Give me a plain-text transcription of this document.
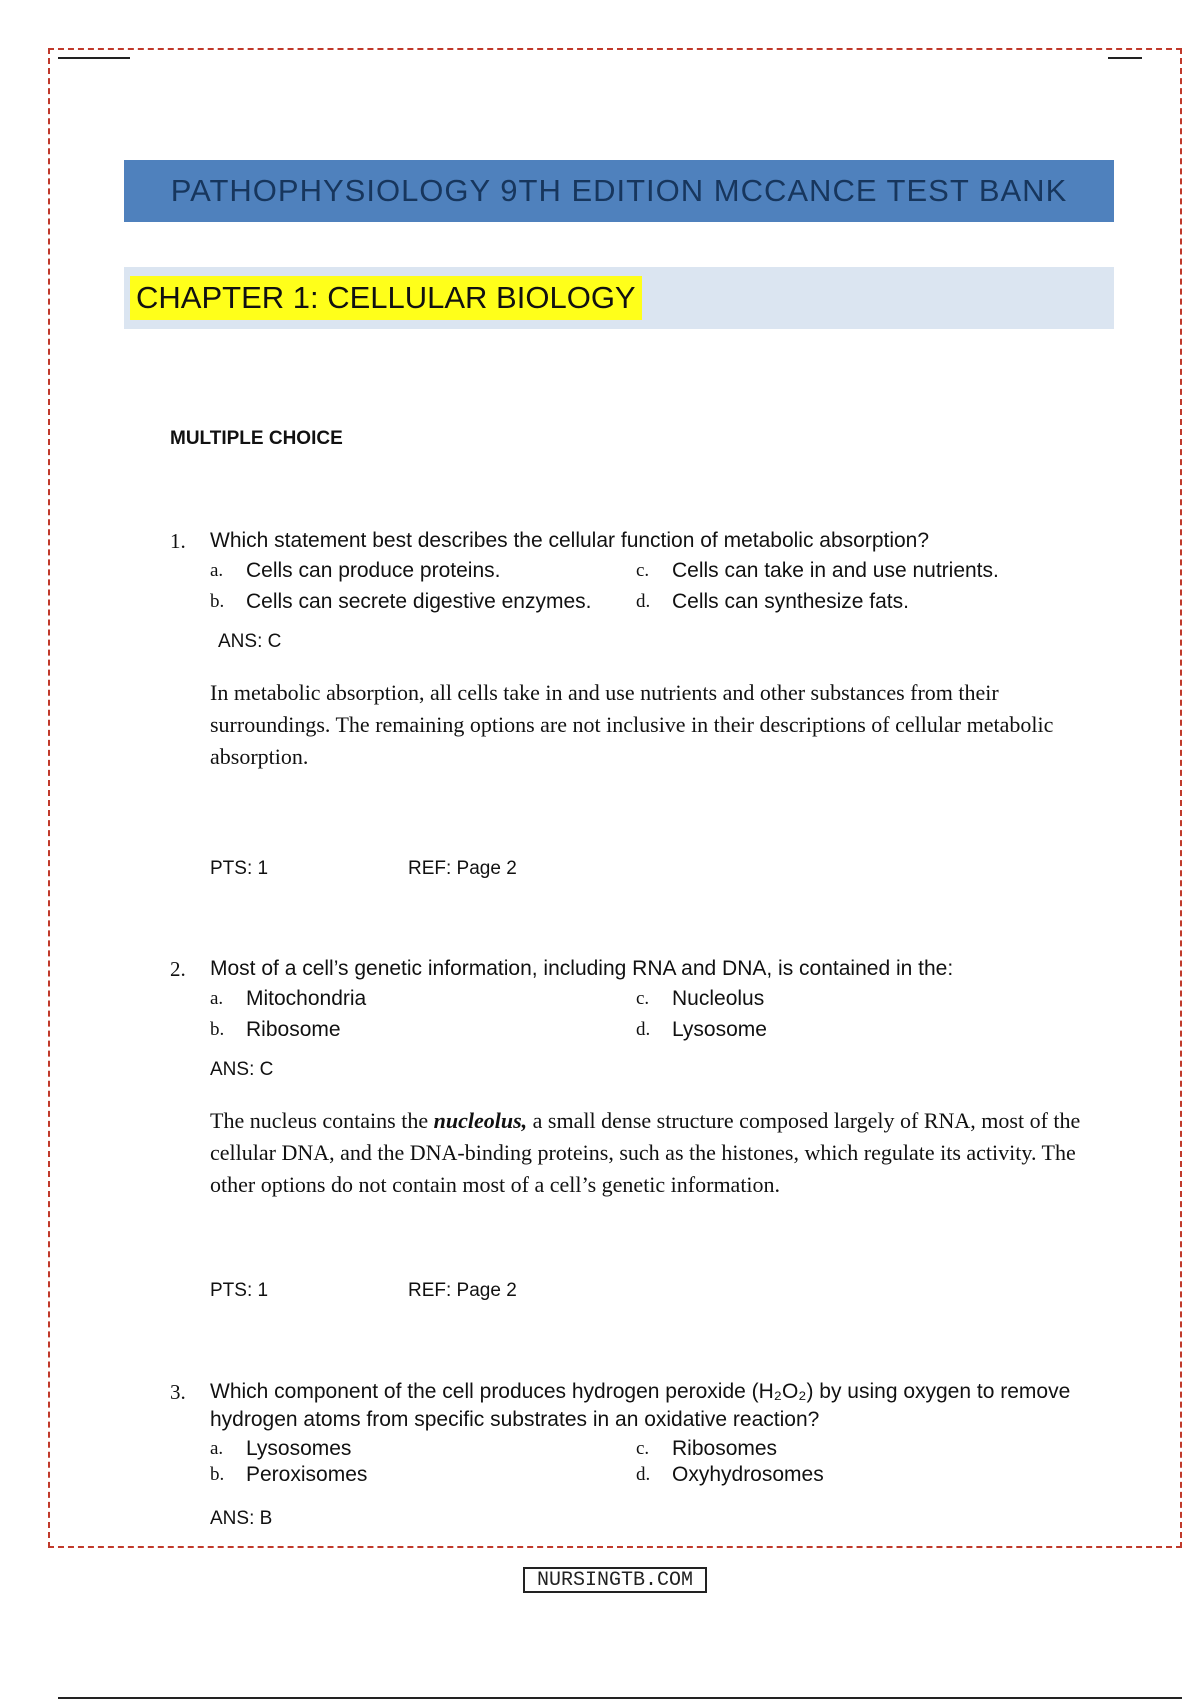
PATHOPHYSIOLOGY 9TH EDITION MCCANCE TEST BANK
CHAPTER 1: CELLULAR BIOLOGY
MULTIPLE CHOICE
1.	Which statement best describes the cellular function of metabolic absorption?
a.	Cells can produce proteins.	c.	Cells can take in and use nutrients.
b.	Cells can secrete digestive enzymes. d.	Cells can synthesize fats.
ANS: C
In metabolic absorption, all cells take in and use nutrients and other substances from their surroundings. The remaining options are not inclusive in their descriptions of cellular metabolic absorption.
PTS: 1	REF: Page 2
2.	Most of a cell’s genetic information, including RNA and DNA, is contained in the:
a.	Mitochondria	c.	Nucleolus
b.	Ribosome	d.	Lysosome
ANS: C
The nucleus contains the nucleolus, a small dense structure composed largely of RNA, most of the cellular DNA, and the DNA-binding proteins, such as the histones, which regulate its activity. The other options do not contain most of a cell’s genetic information.
PTS: 1	REF: Page 2
3.	Which component of the cell produces hydrogen peroxide (H₂O₂) by using oxygen to remove hydrogen atoms from specific substrates in an oxidative reaction?
a.	Lysosomes	c.	Ribosomes
b.	Peroxisomes	d.	Oxyhydrosomes
ANS: B
NURSINGTB.COM
